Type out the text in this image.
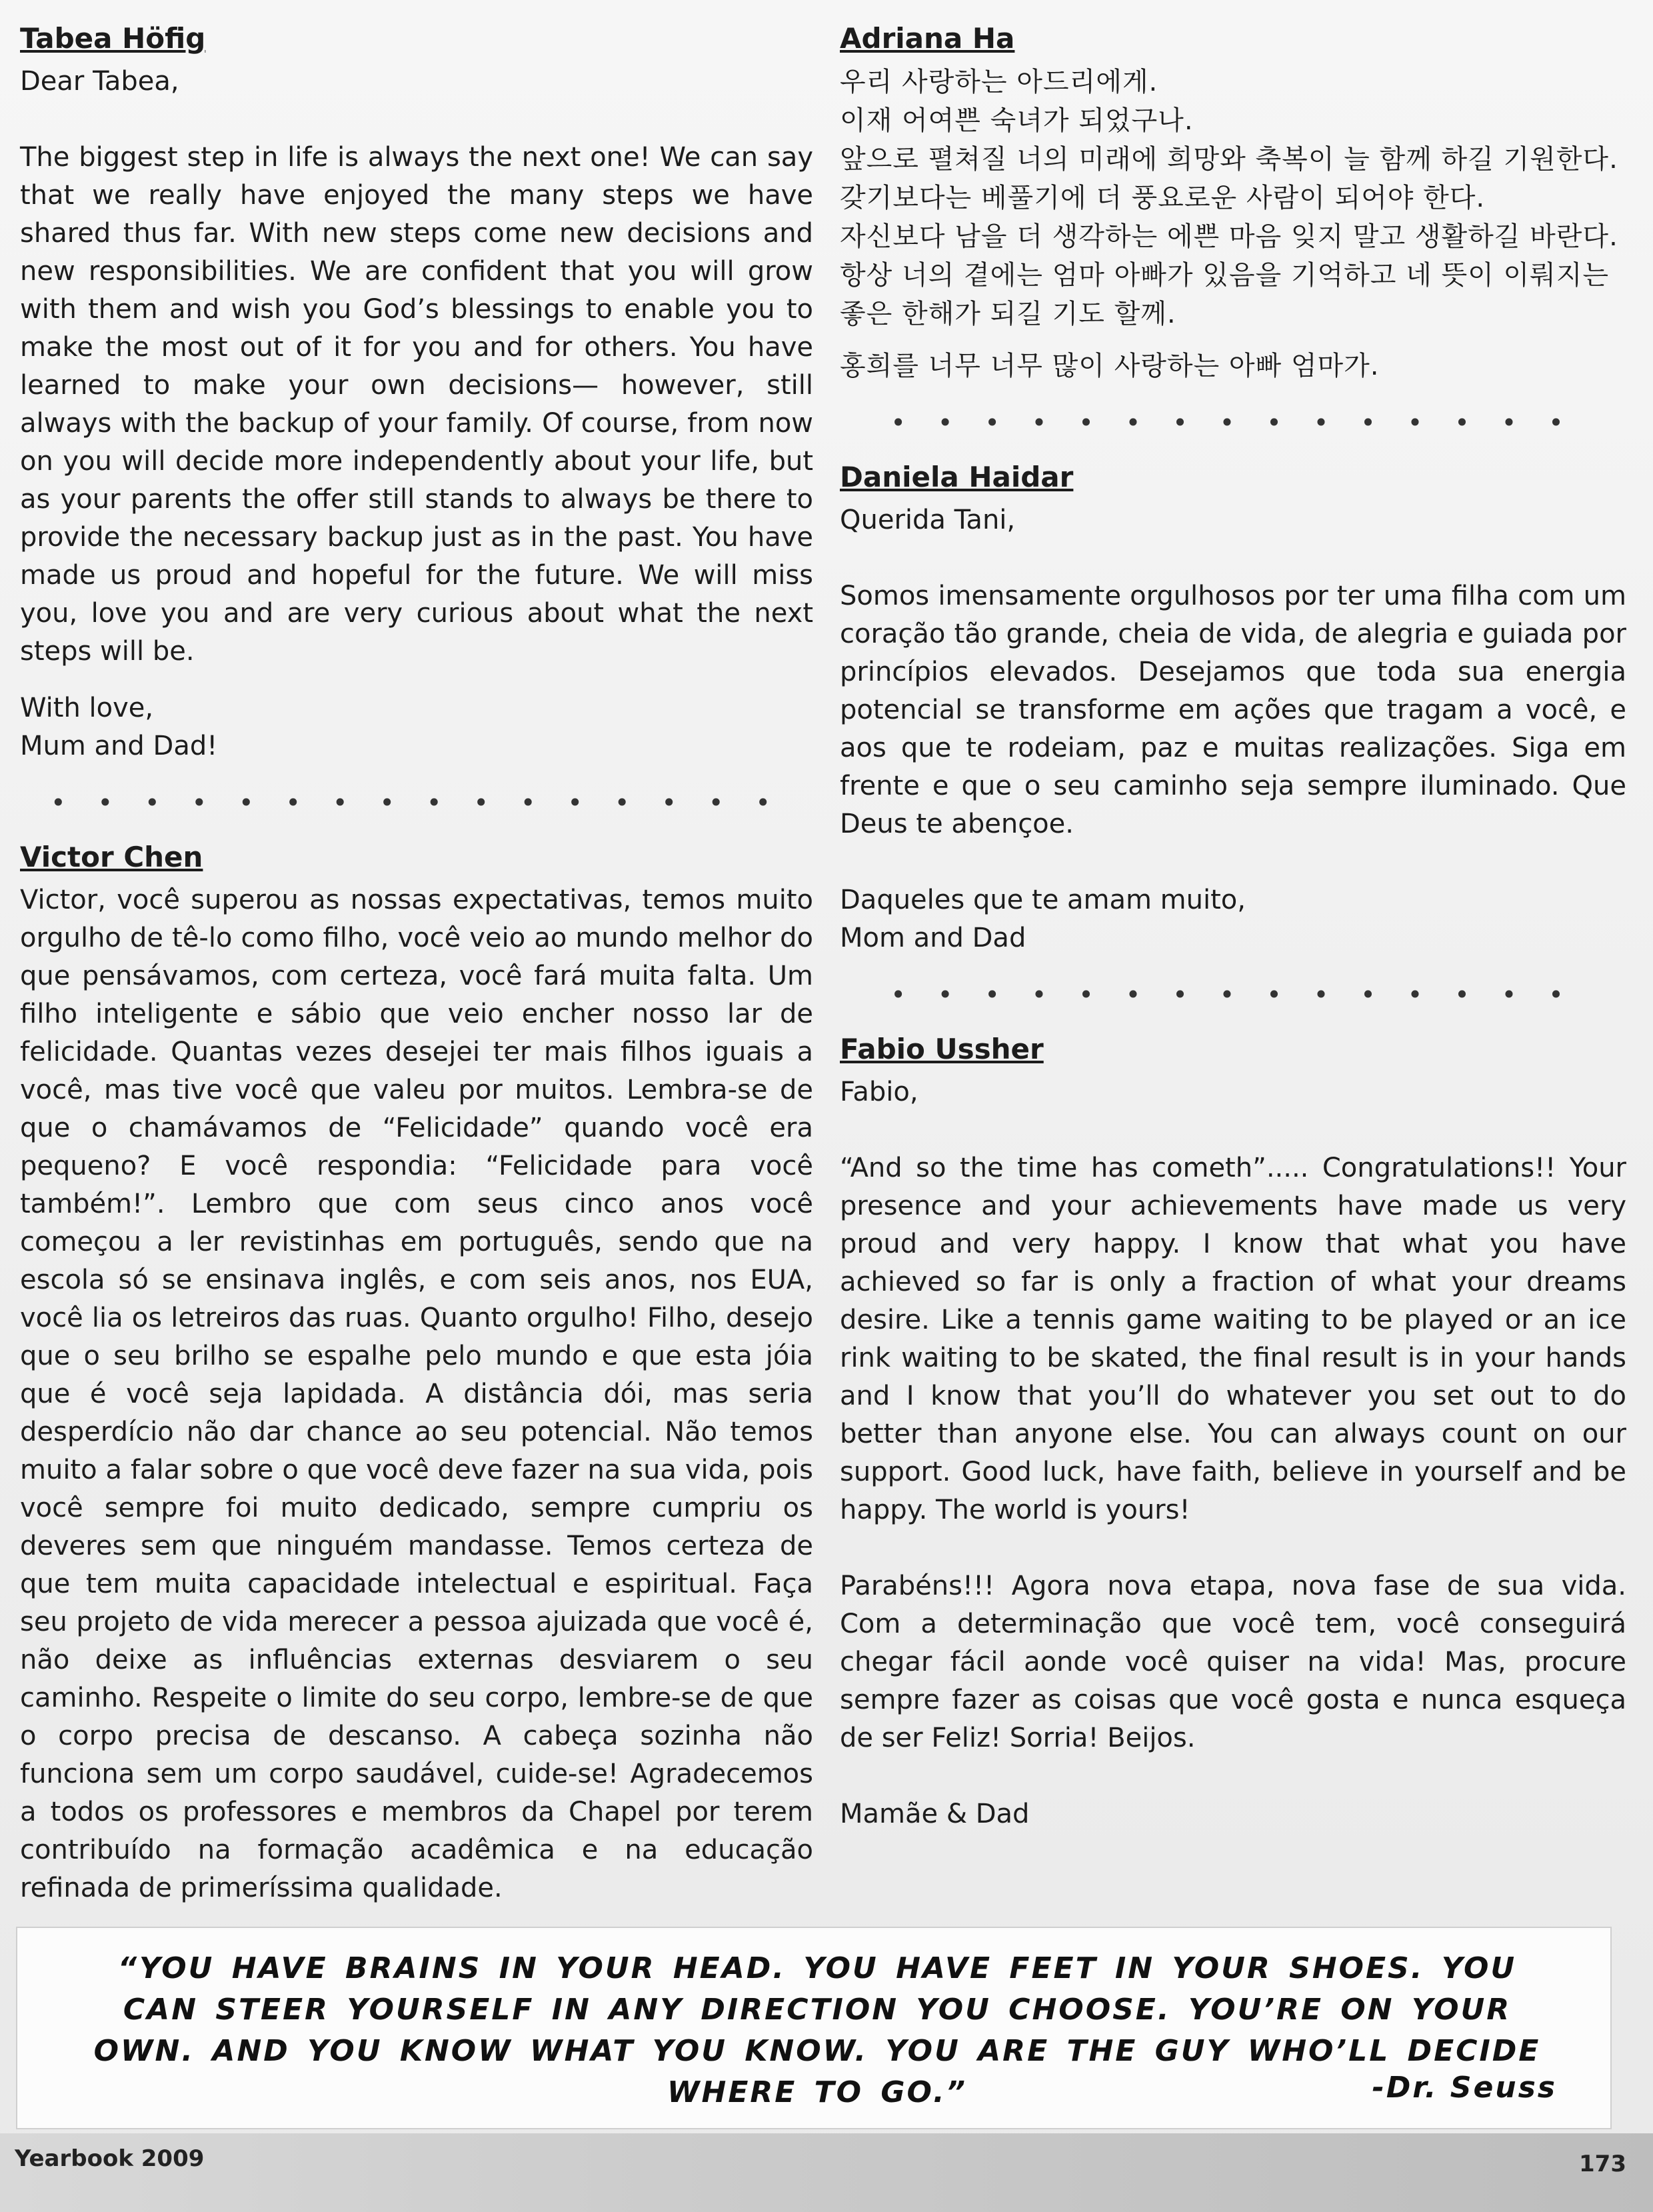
Tabea Höfig

Dear Tabea,

The biggest step in life is always the next one! We can say that we really have enjoyed the many steps we have shared thus far. With new steps come new decisions and new responsibilities. We are confident that you will grow with them and wish you God’s blessings to enable you to make the most out of it for you and for others. You have learned to make your own decisions— however, still always with the backup of your family. Of course, from now on you will decide more independently about your life, but as your parents the offer still stands to always be there to provide the necessary backup just as in the past. You have made us proud and hopeful for the future. We will miss you, love you and are very curious about what the next steps will be.

With love,

Mum and Dad!

• • • • • • • • • • • • • • • •

Victor Chen

Victor, você superou as nossas expectativas, temos muito orgulho de tê-lo como filho, você veio ao mundo melhor do que pensávamos, com certeza, você fará muita falta. Um filho inteligente e sábio que veio encher nosso lar de felicidade. Quantas vezes desejei ter mais filhos iguais a você, mas tive você que valeu por muitos. Lembra-se de que o chamávamos de “Felicidade” quando você era pequeno? E você respondia: “Felicidade para você também!”. Lembro que com seus cinco anos você começou a ler revistinhas em português, sendo que na escola só se ensinava inglês, e com seis anos, nos EUA, você lia os letreiros das ruas. Quanto orgulho! Filho, desejo que o seu brilho se espalhe pelo mundo e que esta jóia que é você seja lapidada. A distância dói, mas seria desperdício não dar chance ao seu potencial. Não temos muito a falar sobre o que você deve fazer na sua vida, pois você sempre foi muito dedicado, sempre cumpriu os deveres sem que ninguém mandasse. Temos certeza de que tem muita capacidade intelectual e espiritual. Faça seu projeto de vida merecer a pessoa ajuizada que você é, não deixe as influências externas desviarem o seu caminho. Respeite o limite do seu corpo, lembre-se de que o corpo precisa de descanso. A cabeça sozinha não funciona sem um corpo saudável, cuide-se! Agradecemos a todos os professores e membros da Chapel por terem contribuído na formação acadêmica e na educação refinada de primeríssima qualidade.

Adriana Ha

우리 사랑하는 아드리에게.
이재 어여쁜 숙녀가 되었구나.
앞으로 펼쳐질 너의 미래에 희망와 축복이 늘 함께 하길 기원한다.
갖기보다는 베풀기에 더 풍요로운 사람이 되어야 한다.
자신보다 남을 더 생각하는 에쁜 마음 잊지 말고 생활하길 바란다.
항상 너의 곁에는 엄마 아빠가 있음을 기억하고 네 뜻이 이뤄지는 좋은 한해가 되길 기도 할께.

홍희를 너무 너무 많이 사랑하는 아빠 엄마가.

• • • • • • • • • • • • • • •

Daniela Haidar

Querida Tani,

Somos imensamente orgulhosos por ter uma filha com um coração tão grande, cheia de vida, de alegria e guiada por princípios elevados. Desejamos que toda sua energia potencial se transforme em ações que tragam a você, e aos que te rodeiam, paz e muitas realizações. Siga em frente e que o seu caminho seja sempre iluminado. Que Deus te abençoe.

Daqueles que te amam muito,

Mom and Dad

• • • • • • • • • • • • • • •

Fabio Ussher

Fabio,

“And so the time has cometh”..... Congratulations!! Your presence and your achievements have made us very proud and very happy. I know that what you have achieved so far is only a fraction of what your dreams desire. Like a tennis game waiting to be played or an ice rink waiting to be skated, the final result is in your hands and I know that you’ll do whatever you set out to do better than anyone else. You can always count on our support. Good luck, have faith, believe in yourself and be happy. The world is yours!

Parabéns!!! Agora nova etapa, nova fase de sua vida. Com a determinação que você tem, você conseguirá chegar fácil aonde você quiser na vida! Mas, procure sempre fazer as coisas que você gosta e nunca esqueça de ser Feliz! Sorria! Beijos.

Mamãe & Dad

“YOU HAVE BRAINS IN YOUR HEAD. YOU HAVE FEET IN YOUR SHOES. YOU CAN STEER YOURSELF IN ANY DIRECTION YOU CHOOSE. YOU’RE ON YOUR OWN. AND YOU KNOW WHAT YOU KNOW. YOU ARE THE GUY WHO’LL DECIDE WHERE TO GO.”	-Dr. Seuss
Yearbook 2009	173
